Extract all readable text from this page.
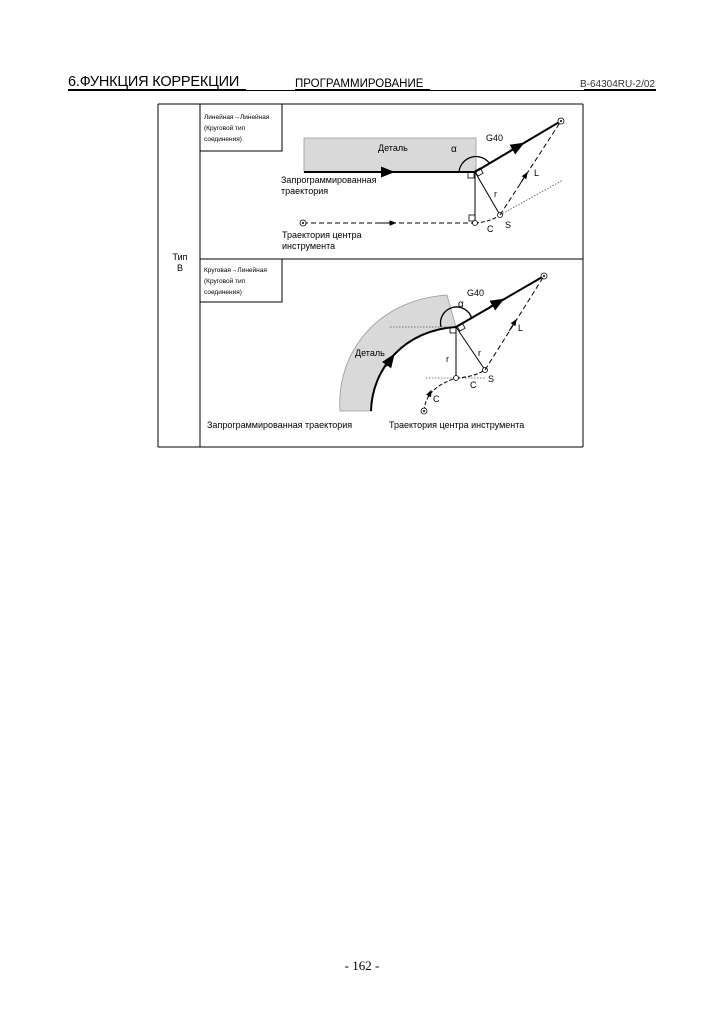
6.ФУНКЦИЯ КОРРЕКЦИИ	ПРОГРАММИРОВАНИЕ	B-64304RU-2/02
Тип
B
Линейная→Линейная
(Круговой тип
соединения)
Деталь	α
G40
r
L
C S
Запрограммированная
траектория
Траектория центра
инструмента
Круговая→Линейная
(Круговой тип
соединения)
Деталь
α
G40
r
r
L
C
C
S
Запрограммированная траектория	Траектория центра инструмента
- 162 -
